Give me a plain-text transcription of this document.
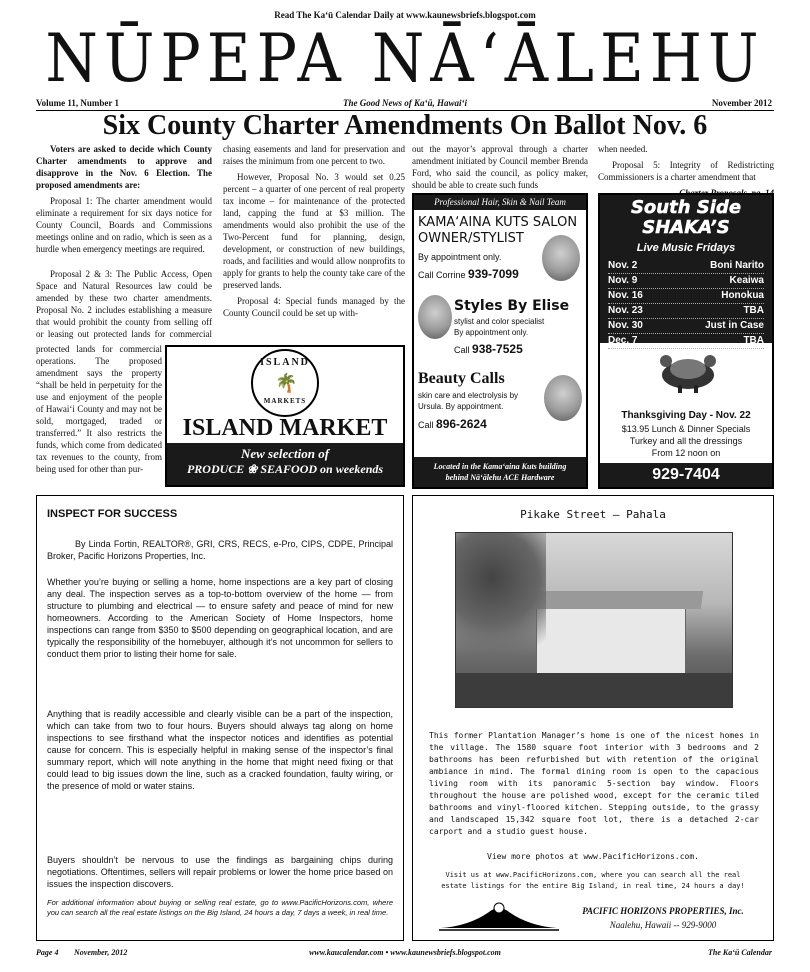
Read The Ka‘ū Calendar Daily at www.kaunewsbriefs.blogspot.com
NŪPEPA NĀ‘ĀLEHU
Volume 11, Number 1	The Good News of Ka‘ū, Hawai‘i	November 2012
Six County Charter Amendments On Ballot Nov. 6

Voters are asked to decide which County Charter amendments to approve and disapprove in the Nov. 6 Election. The proposed amendments are:

Proposal 1: The charter amendment would eliminate a requirement for six days notice for County Council, Boards and Commissions meetings online and on radio, which is seen as a hurdle when emergency meetings are required.

Proposal 2 & 3: The Public Access, Open Space and Natural Resources law could be amended by these two charter amendments. Proposal No. 2 includes establishing a measure that would prohibit the county from selling off or leasing out protected lands for commercial

protected lands for commercial operations. The proposed amendment says the property “shall be held in perpetuity for the use and enjoyment of the people of Hawai‘i County and may not be sold, mortgaged, traded or transferred.” It also restricts the funds, which come from dedicated tax revenues to the county, from being used for other than pur-

chasing easements and land for preservation and raises the minimum from one percent to two.

However, Proposal No. 3 would set 0.25 percent – a quarter of one percent of real property tax income – for maintenance of the protected land, capping the fund at $3 million. The amendments would also prohibit the use of the Two-Percent fund for planning, design, development, or construction of new buildings, roads, and facilities and would allow nonprofits to apply for grants to help the county take care of the preserved lands.

Proposal 4: Special funds managed by the County Council could be set up with-

out the mayor’s approval through a charter amendment initiated by Council member Brenda Ford, who said the council, as policy maker, should be able to create such funds

when needed.

Proposal 5: Integrity of Redistricting Commissioners is a charter amendment that

ISLAND
🌴
MARKETS
ISLAND MARKET
New selection of
PRODUCE ❀ SEAFOOD on weekends
Professional Hair, Skin & Nail Team
KAMA‘AINA KUTS SALON
OWNER/STYLIST
By appointment only.
Call Corrine 939-7099
Styles By Elise
stylist and color specialist
By appointment only.
Call 938-7525
Beauty Calls
skin care and electrolysis by
Ursula. By appointment.
Call 896-2624
Located in the Kama‘aina Kuts building
behind Nā‘ālehu ACE Hardware
South Side
SHAKA’S
Live Music Fridays
Nov. 2	Boni Narito
Nov. 9	Keaiwa
Nov. 16	Honokua
Nov. 23	TBA
Nov. 30	Just in Case
Dec. 7	TBA
Thanksgiving Day - Nov. 22
$13.95 Lunch & Dinner Specials
Turkey and all the dressings
From 12 noon on
929-7404
INSPECT FOR SUCCESS
By Linda Fortin, REALTOR®, GRI, CRS, RECS, e-Pro, CIPS, CDPE, Principal Broker, Pacific Horizons Properties, Inc.
Whether you’re buying or selling a home, home inspections are a key part of closing any deal. The inspection serves as a top-to-bottom overview of the home — from structure to plumbing and electrical — to ensure safety and peace of mind for new homeowners. According to the American Society of Home Inspectors, home inspections can range from $350 to $500 depending on geographical location, and are typically the responsibility of the homebuyer, although it’s not uncommon for sellers to conduct them prior to listing their home for sale.
Anything that is readily accessible and clearly visible can be a part of the inspection, which can take from two to four hours. Buyers should always tag along on home inspections to see firsthand what the inspector notices and identifies as potential cause for concern. This is especially helpful in making sense of the inspector’s final summary report, which will note anything in the home that might need fixing or that could lead to big issues down the line, such as a cracked foundation, faulty wiring, or the presence of mold or water stains.
Buyers shouldn’t be nervous to use the findings as bargaining chips during negotiations. Oftentimes, sellers will repair problems or lower the home price based on issues the inspection discovers.
For additional information about buying or selling real estate, go to www.PacificHorizons.com, where you can search all the real estate listings on the Big Island, 24 hours a day, 7 days a week, in real time.
Pikake Street — Pahala
This former Plantation Manager’s home is one of the nicest homes in the village. The 1580 square foot interior with 3 bedrooms and 2 bathrooms has been refurbished but with retention of the original ambiance in mind. The formal dining room is open to the capacious living room with its panoramic 5-section bay window. Floors throughout the house are polished wood, except for the ceramic tiled bathrooms and vinyl-floored kitchen. Stepping outside, to the grassy and landscaped 15,342 square foot lot, there is a detached 2-car carport and a studio guest house.
View more photos at www.PacificHorizons.com.
Visit us at www.PacificHorizons.com, where you can search all the real
estate listings for the entire Big Island, in real time, 24 hours a day!
PACIFIC HORIZONS PROPERTIES, Inc.
Naalehu, Hawaii -- 929-9000
Page 4 November, 2012	www.kaucalendar.com • www.kaunewsbriefs.blogspot.com	The Ka‘ū Calendar
